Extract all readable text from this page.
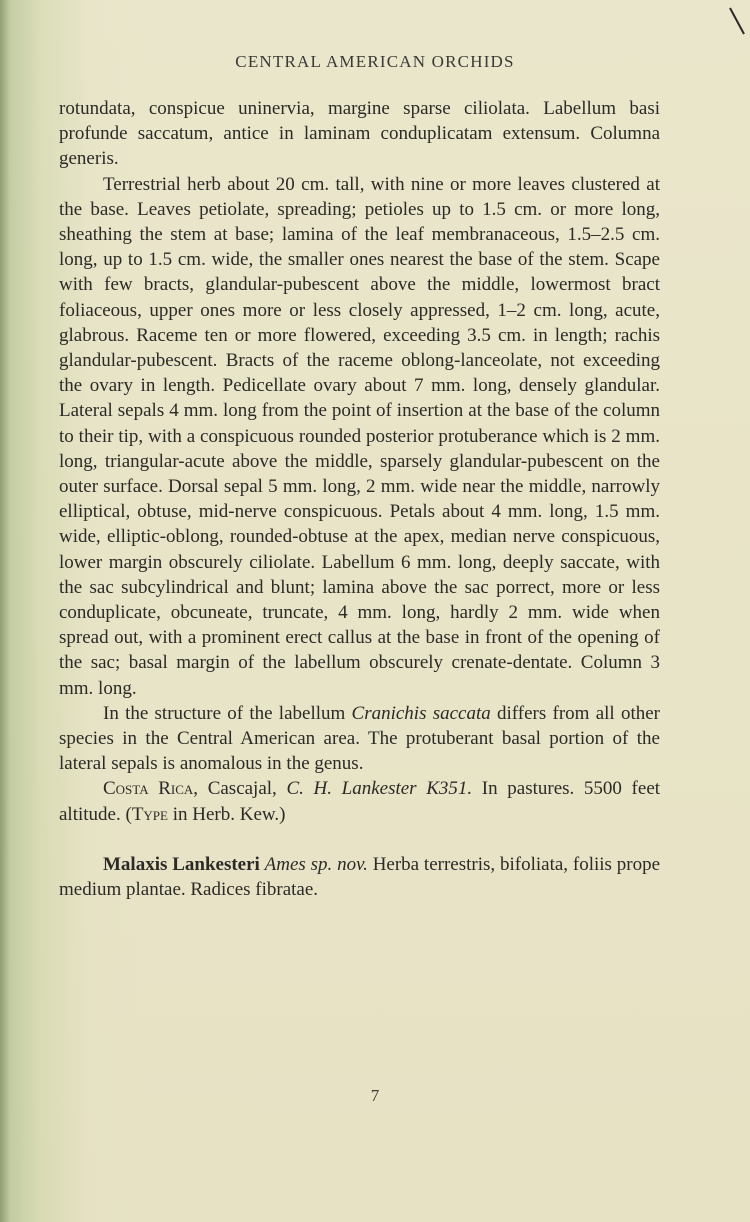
CENTRAL AMERICAN ORCHIDS

rotundata, conspicue uninervia, margine sparse ciliolata. Labellum basi profunde saccatum, antice in laminam conduplicatam extensum. Columna generis.

Terrestrial herb about 20 cm. tall, with nine or more leaves clustered at the base. Leaves petiolate, spreading; petioles up to 1.5 cm. or more long, sheathing the stem at base; lamina of the leaf membranaceous, 1.5–2.5 cm. long, up to 1.5 cm. wide, the smaller ones nearest the base of the stem. Scape with few bracts, glandular-pubescent above the middle, lowermost bract foliaceous, upper ones more or less closely appressed, 1–2 cm. long, acute, glabrous. Raceme ten or more flowered, exceeding 3.5 cm. in length; rachis glandular-pubescent. Bracts of the raceme oblong-lanceolate, not exceeding the ovary in length. Pedicellate ovary about 7 mm. long, densely glandular. Lateral sepals 4 mm. long from the point of insertion at the base of the column to their tip, with a conspicuous rounded posterior protuberance which is 2 mm. long, triangular-acute above the middle, sparsely glandular-pubescent on the outer surface. Dorsal sepal 5 mm. long, 2 mm. wide near the middle, narrowly elliptical, obtuse, mid-nerve conspicuous. Petals about 4 mm. long, 1.5 mm. wide, elliptic-oblong, rounded-obtuse at the apex, median nerve conspicuous, lower margin obscurely ciliolate. Labellum 6 mm. long, deeply saccate, with the sac subcylindrical and blunt; lamina above the sac porrect, more or less conduplicate, obcuneate, truncate, 4 mm. long, hardly 2 mm. wide when spread out, with a prominent erect callus at the base in front of the opening of the sac; basal margin of the labellum obscurely crenate-dentate. Column 3 mm. long.

In the structure of the labellum Cranichis saccata differs from all other species in the Central American area. The protuberant basal portion of the lateral sepals is anomalous in the genus.

Costa Rica, Cascajal, C. H. Lankester K351. In pastures. 5500 feet altitude. (Type in Herb. Kew.)

Malaxis Lankesteri Ames sp. nov. Herba terrestris, bifoliata, foliis prope medium plantae. Radices fibratae.

7
